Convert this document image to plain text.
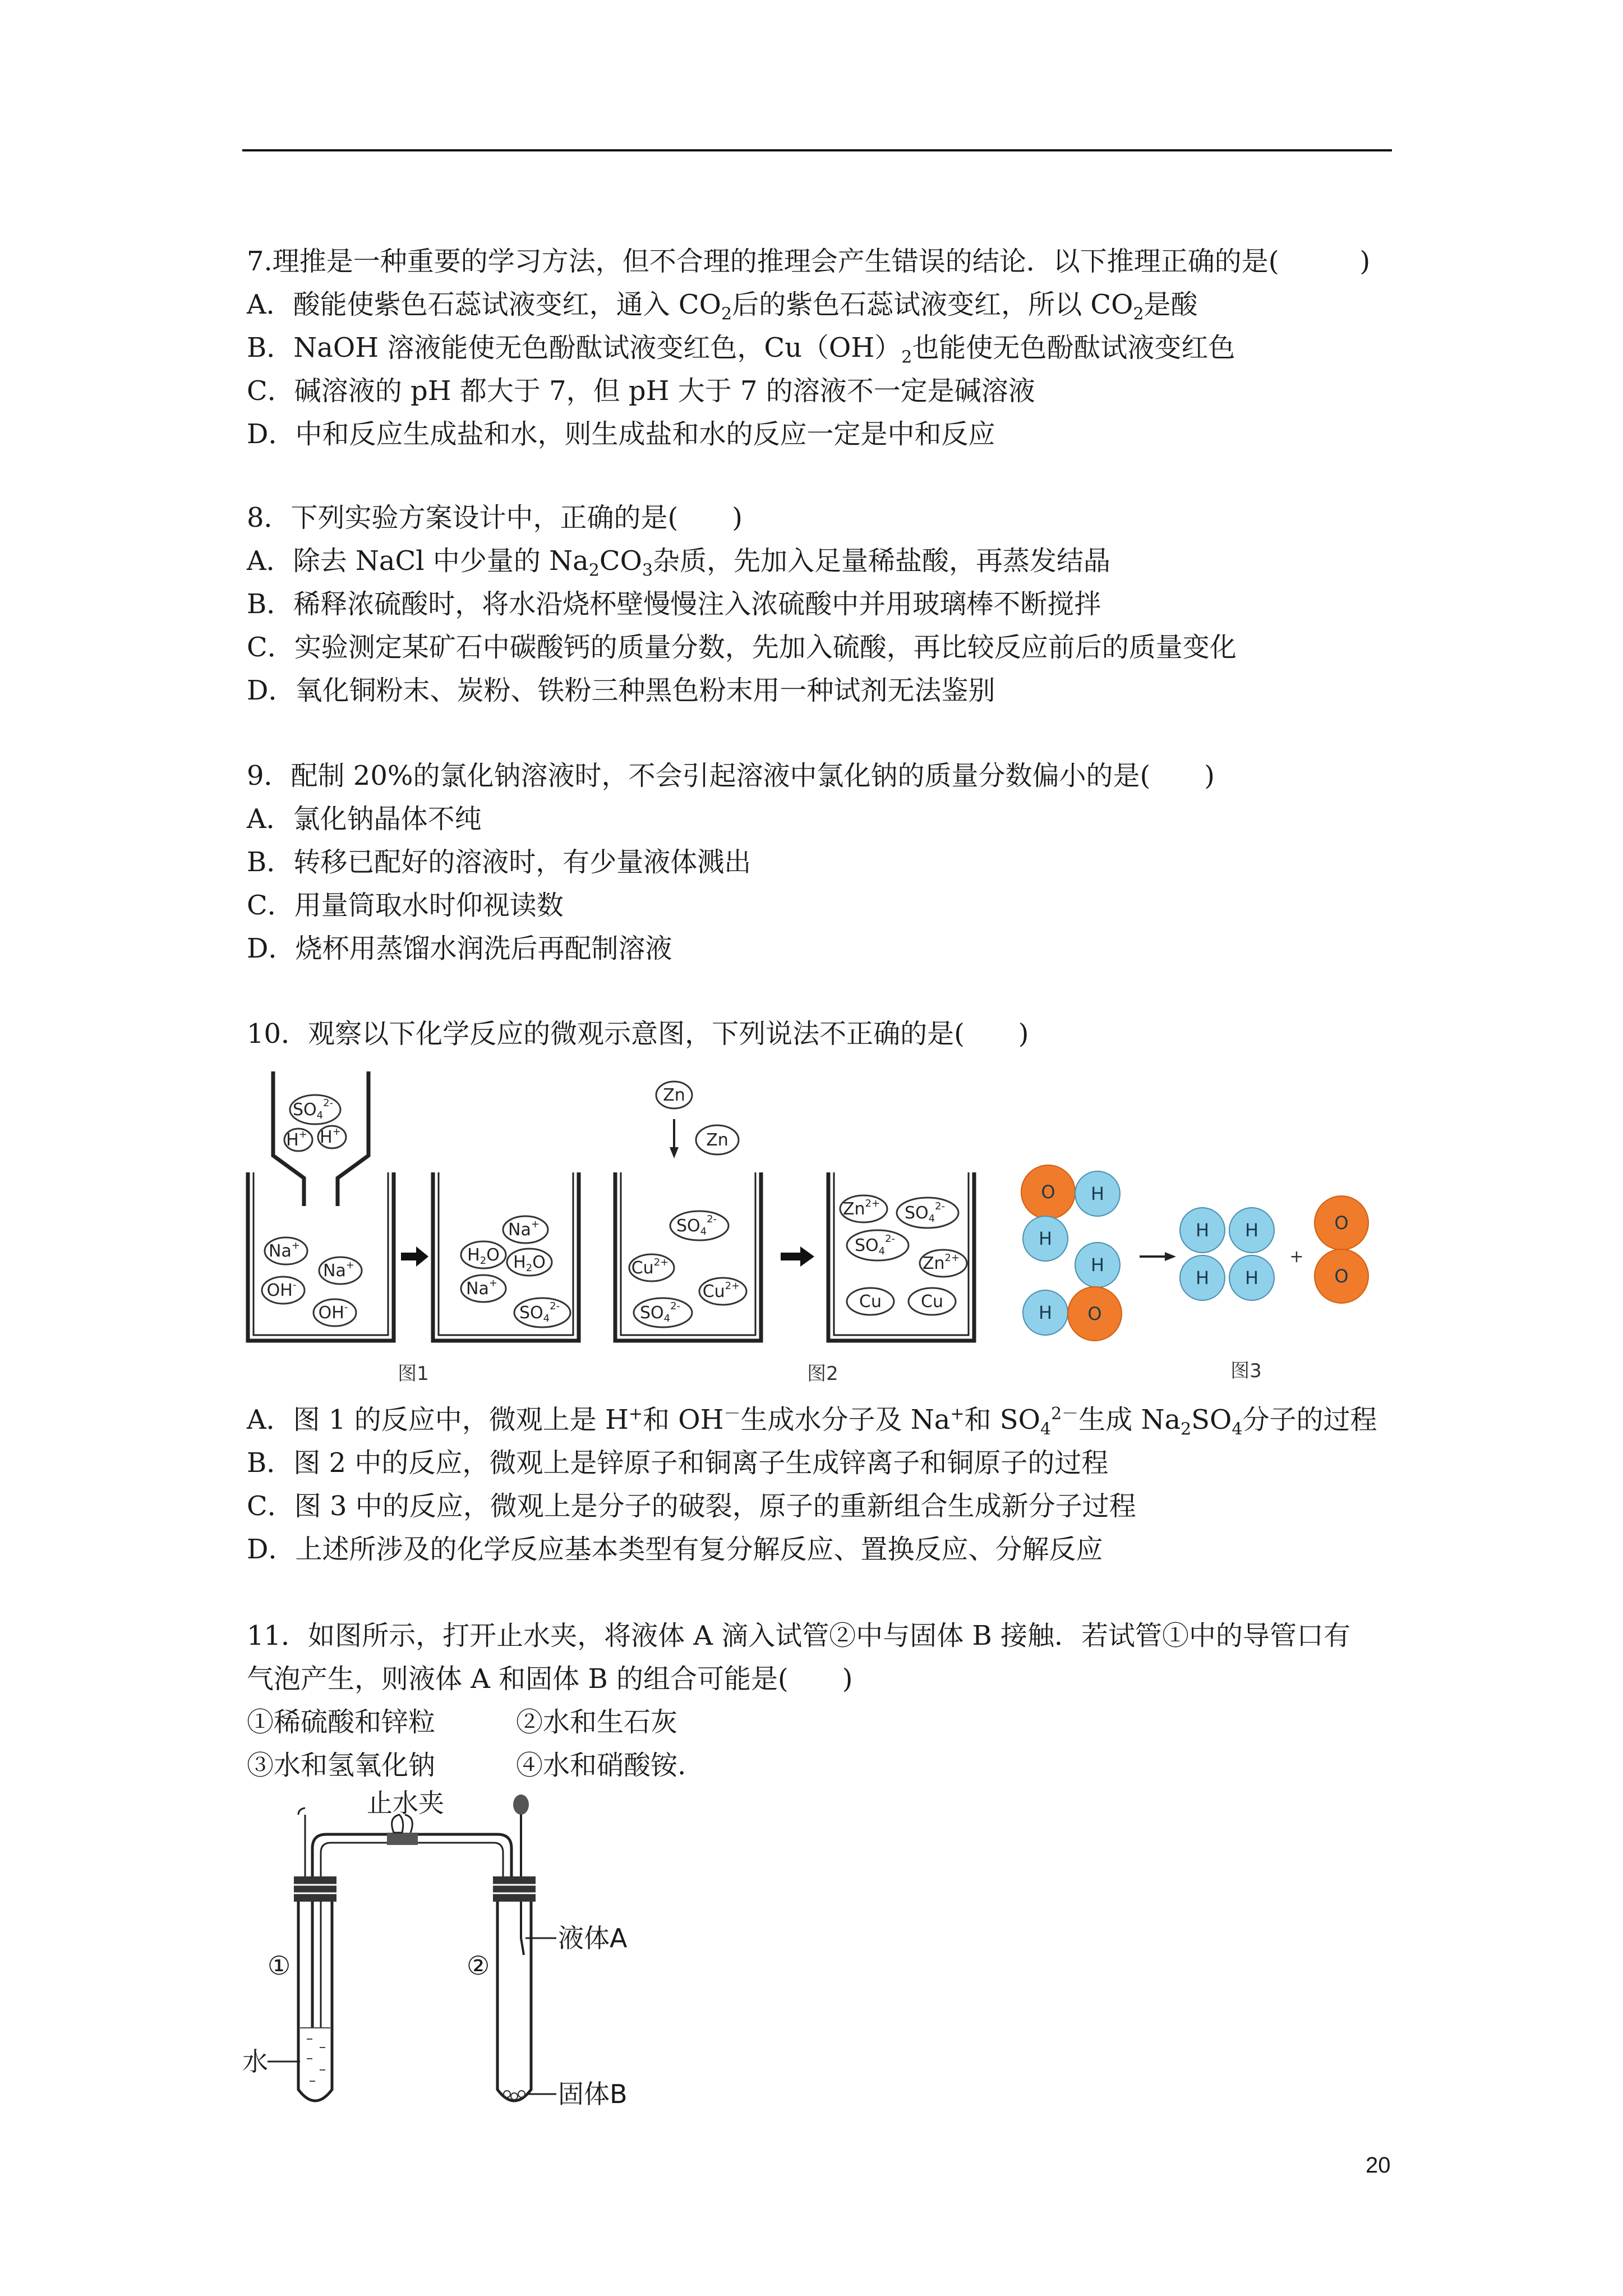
7.理推是一种重要的学习方法，但不合理的推理会产生错误的结论．以下推理正确的是(　　　)
A．酸能使紫色石蕊试液变红，通入 $CO_2$后的紫色石蕊试液变红，所以 $CO_2$是酸
B．NaOH 溶液能使无色酚酞试液变红色，$Cu(OH)_2$也能使无色酚酞试液变红色
C．碱溶液的 pH 都大于 7，但 pH 大于 7 的溶液不一定是碱溶液
D．中和反应生成盐和水，则生成盐和水的反应一定是中和反应
8．下列实验方案设计中，正确的是(　　)
A．除去 NaCl 中少量的 $Na_2CO_3$杂质，先加入足量稀盐酸，再蒸发结晶
B．稀释浓硫酸时，将水沿烧杯壁慢慢注入浓硫酸中并用玻璃棒不断搅拌
C．实验测定某矿石中碳酸钙的质量分数，先加入硫酸，再比较反应前后的质量变化
D．氧化铜粉末、炭粉、铁粉三种黑色粉末用一种试剂无法鉴别
9．配制 20%的氯化钠溶液时，不会引起溶液中氯化钠的质量分数偏小的是(　　)
A．氯化钠晶体不纯
B．转移已配好的溶液时，有少量液体溅出
C．用量筒取水时仰视读数
D．烧杯用蒸馏水润洗后再配制溶液
10．观察以下化学反应的微观示意图，下列说法不正确的是(　　)
$SO_4^{2-}$
H+ H+
Na+
Na+
OH-
OH-
Na+
$H_2O$ $H_2O$
Na+
$SO_4^{2-}$
Zn
Zn
$SO_4^{2-}$
$Cu^{2+}$
$Cu^{2+}$
$SO_4^{2-}$
$Zn^{2+}$ $SO_4^{2-}$
$SO_4^{2-}$
$Zn^{2+}$
Cu Cu
O H
H
H
H O
H H
H H
O
O
+
图1	图2	图3
A．图 1 的反应中，微观上是 H+和 OH－生成水分子及 Na+和 $SO_4^{2-}$生成 $Na_2SO_4$分子的过程
B．图 2 中的反应，微观上是锌原子和铜离子生成锌离子和铜原子的过程
C．图 3 中的反应，微观上是分子的破裂，原子的重新组合生成新分子过程
D．上述所涉及的化学反应基本类型有复分解反应、置换反应、分解反应
11．如图所示，打开止水夹，将液体 A 滴入试管②中与固体 B 接触．若试管①中的导管口有
气泡产生，则液体 A 和固体 B 的组合可能是(　　)
①稀硫酸和锌粒	②水和生石灰
③水和氢氧化钠	④水和硝酸铵.
止水夹
①	②
水
液体A
固体B
20
